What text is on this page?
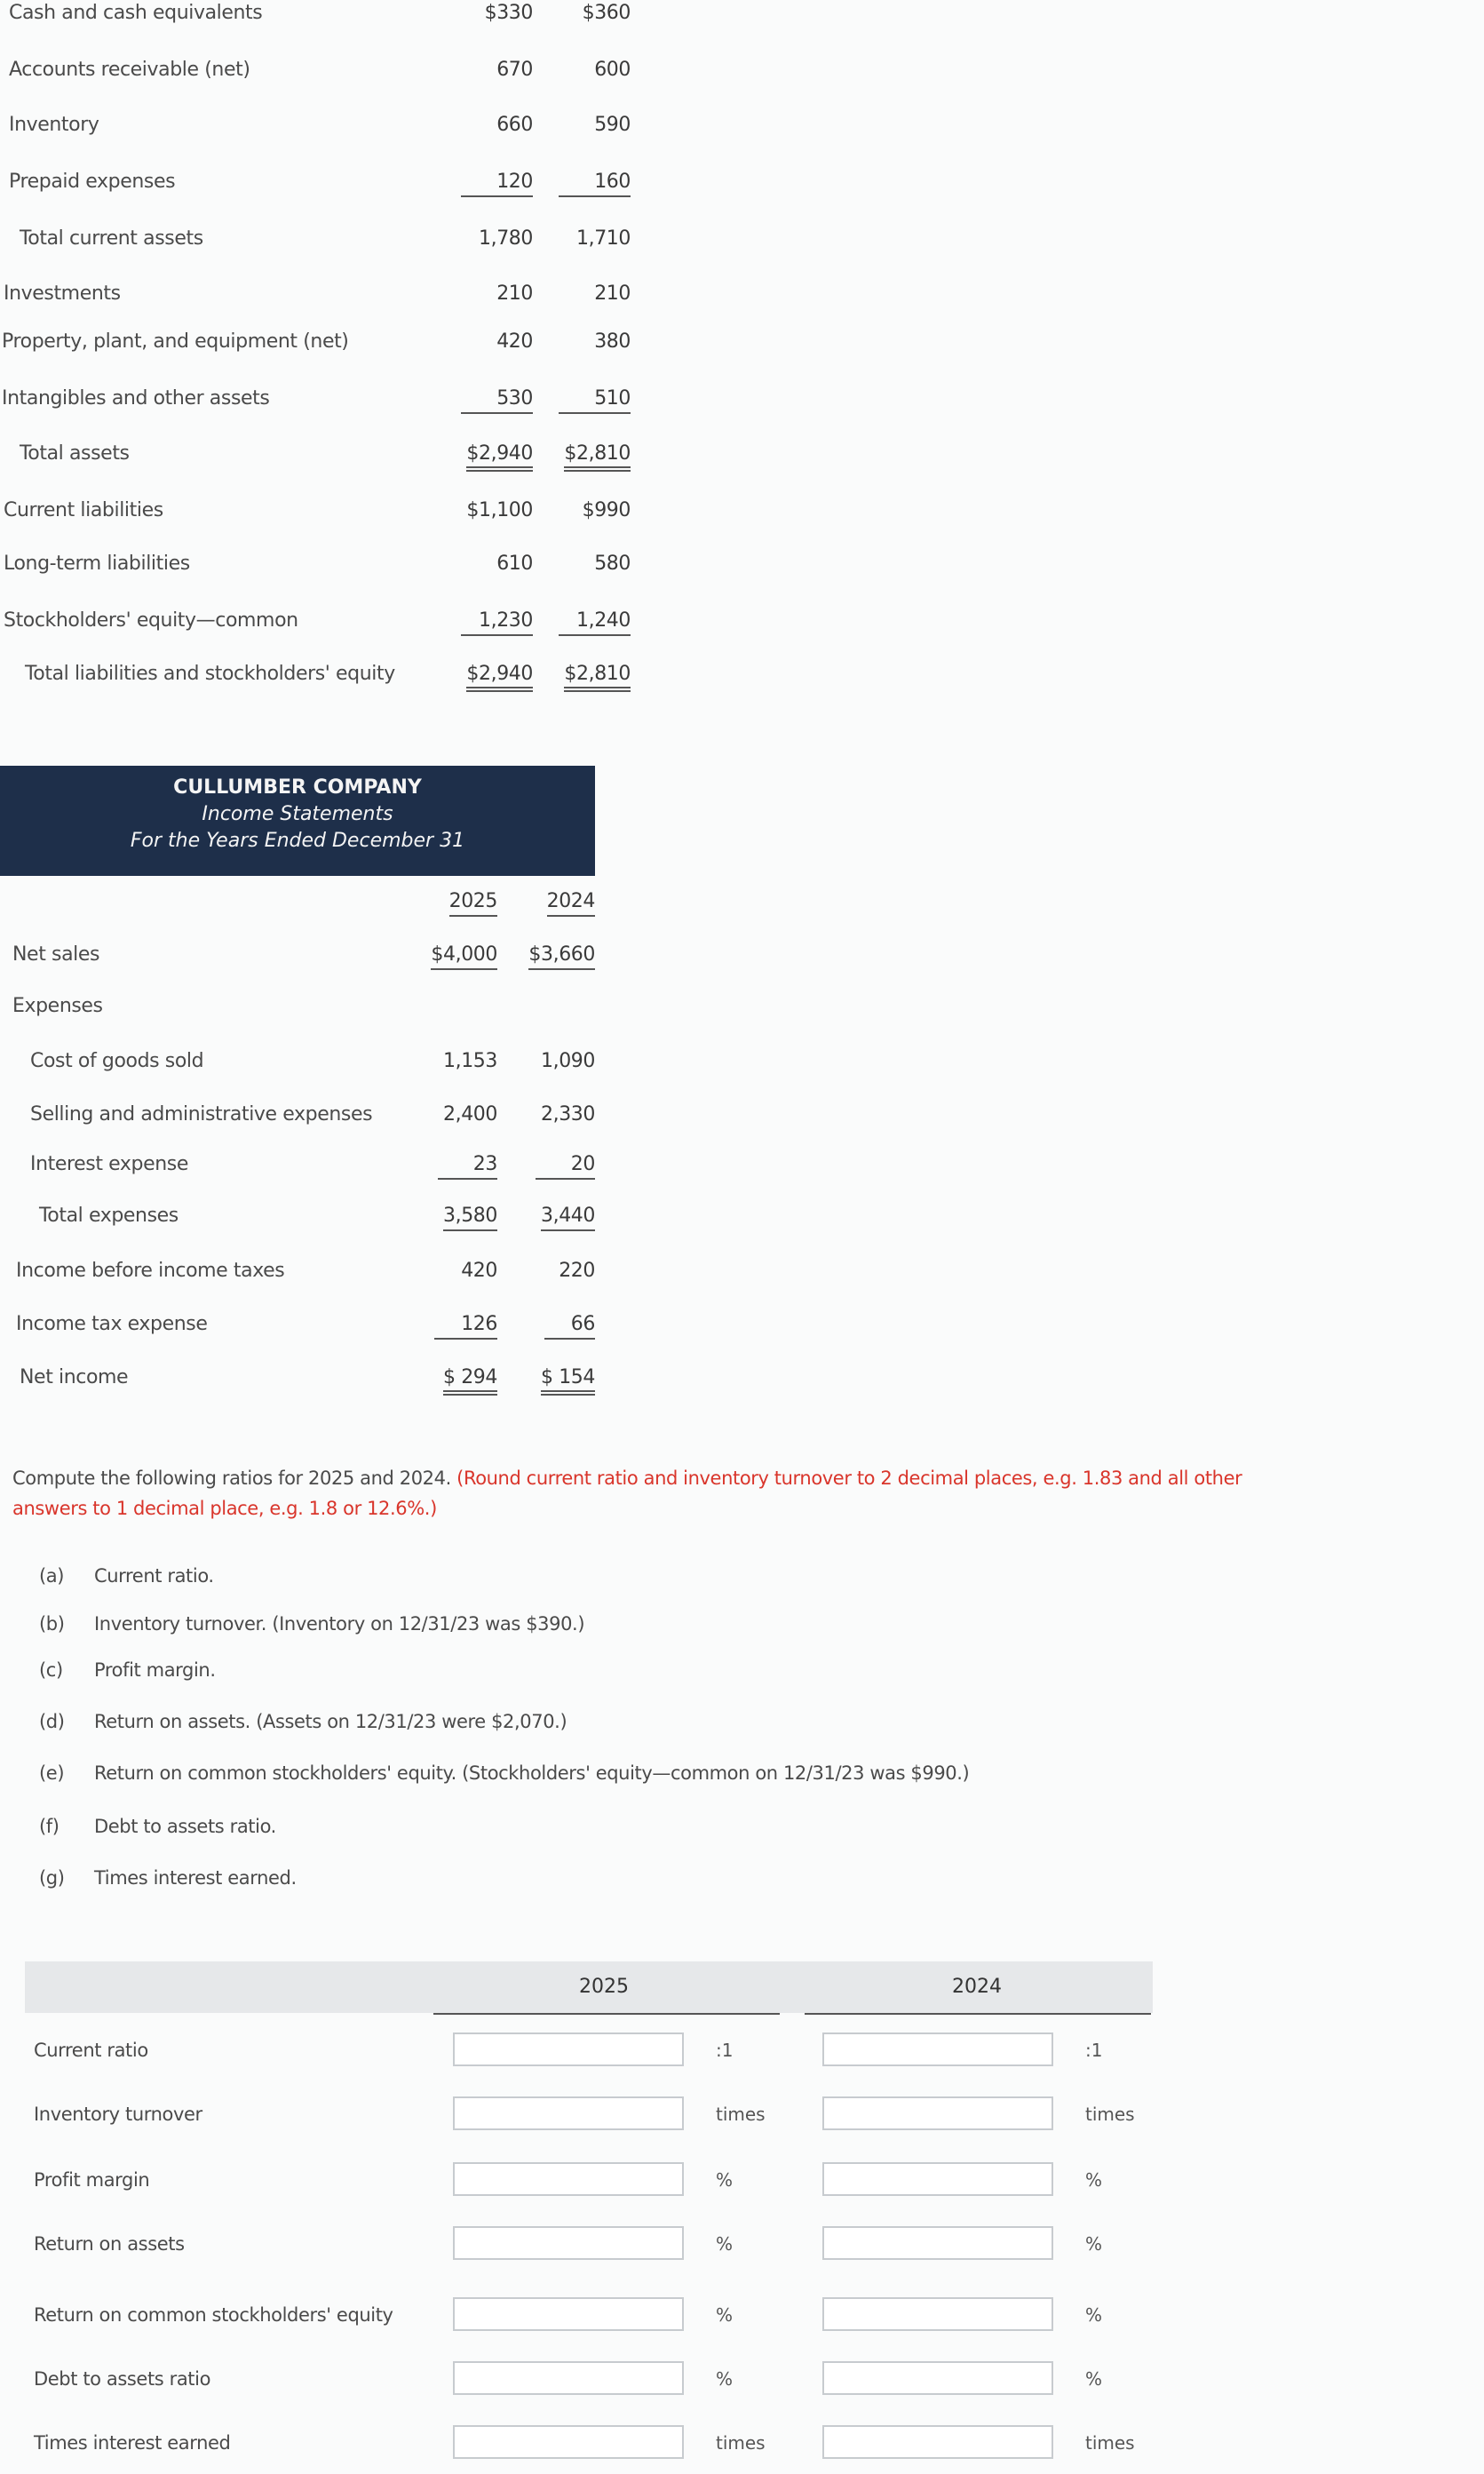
Cash and cash equivalents	$330	$360
Accounts receivable (net)	670	600
Inventory	660	590
Prepaid expenses	120	160
Total current assets	1,780	1,710
Investments	210	210
Property, plant, and equipment (net)	420	380
Intangibles and other assets	530	510
Total assets	$2,940	$2,810
Current liabilities	$1,100	$990
Long-term liabilities	610	580
Stockholders' equity—common	1,230	1,240
Total liabilities and stockholders' equity	$2,940	$2,810
CULLUMBER COMPANY
Income Statements
For the Years Ended December 31
2025	2024
Net sales	$4,000	$3,660
Expenses
Cost of goods sold	1,153	1,090
Selling and administrative expenses	2,400	2,330
Interest expense	23	20
Total expenses	3,580	3,440
Income before income taxes	420	220
Income tax expense	126	66
Net income	$ 294	$ 154
Compute the following ratios for 2025 and 2024. (Round current ratio and inventory turnover to 2 decimal places, e.g. 1.83 and all other
answers to 1 decimal place, e.g. 1.8 or 12.6%.)
(a) Current ratio.
(b) Inventory turnover. (Inventory on 12/31/23 was $390.)
(c) Profit margin.
(d) Return on assets. (Assets on 12/31/23 were $2,070.)
(e) Return on common stockholders' equity. (Stockholders' equity—common on 12/31/23 was $990.)
(f) Debt to assets ratio.
(g) Times interest earned.
2025	2024
Current ratio	:1	:1
Inventory turnover	times	times
Profit margin	%	%
Return on assets	%	%
Return on common stockholders' equity	%	%
Debt to assets ratio	%	%
Times interest earned	times	times
